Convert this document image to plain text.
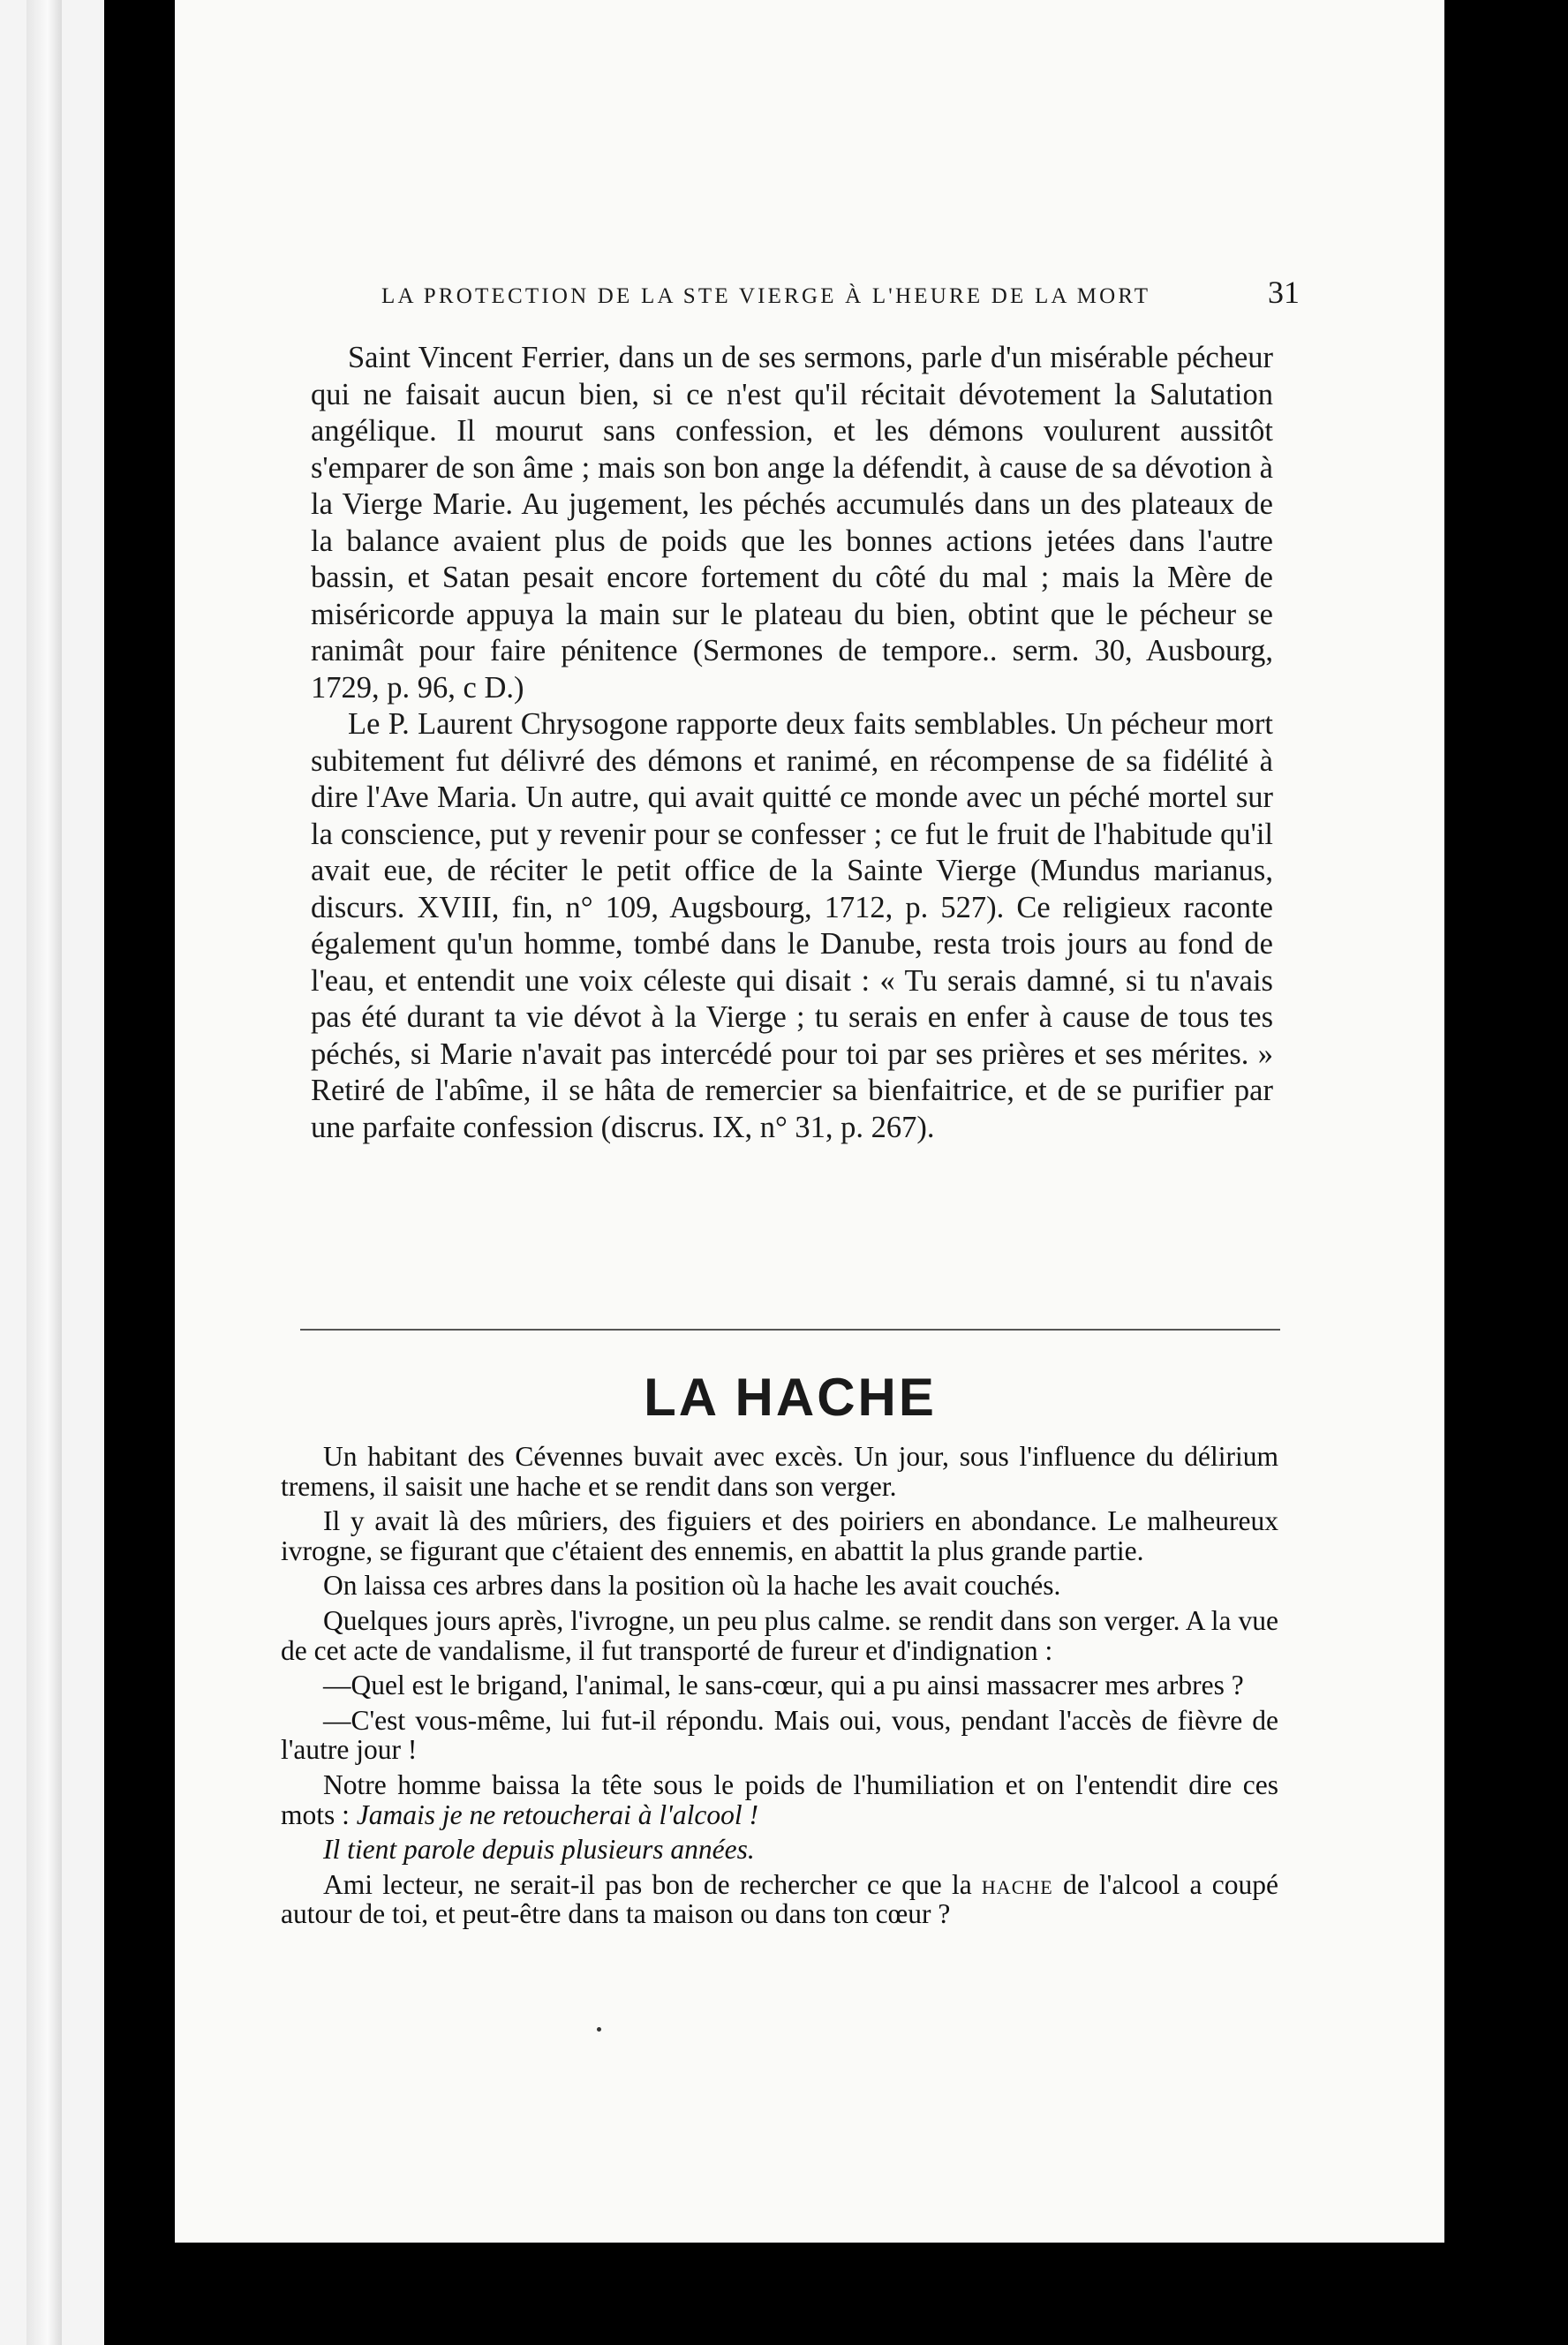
LA PROTECTION DE LA STE VIERGE À L'HEURE DE LA MORT	31

Saint Vincent Ferrier, dans un de ses sermons, parle d'un misérable pécheur qui ne faisait aucun bien, si ce n'est qu'il récitait dévotement la Salutation angélique. Il mourut sans confession, et les démons voulurent aussitôt s'emparer de son âme ; mais son bon ange la défendit, à cause de sa dévotion à la Vierge Marie. Au jugement, les péchés accumulés dans un des plateaux de la balance avaient plus de poids que les bonnes actions jetées dans l'autre bassin, et Satan pesait encore fortement du côté du mal ; mais la Mère de miséricorde appuya la main sur le plateau du bien, obtint que le pécheur se ranimât pour faire pénitence (Sermones de tempore.. serm. 30, Ausbourg, 1729, p. 96, c D.)

Le P. Laurent Chrysogone rapporte deux faits semblables. Un pécheur mort subitement fut délivré des démons et ranimé, en récompense de sa fidélité à dire l'Ave Maria. Un autre, qui avait quitté ce monde avec un péché mortel sur la conscience, put y revenir pour se confesser ; ce fut le fruit de l'habitude qu'il avait eue, de réciter le petit office de la Sainte Vierge (Mundus marianus, discurs. XVIII, fin, n° 109, Augsbourg, 1712, p. 527). Ce religieux raconte également qu'un homme, tombé dans le Danube, resta trois jours au fond de l'eau, et entendit une voix céleste qui disait : « Tu serais damné, si tu n'avais pas été durant ta vie dévot à la Vierge ; tu serais en enfer à cause de tous tes péchés, si Marie n'avait pas intercédé pour toi par ses prières et ses mérites. » Retiré de l'abîme, il se hâta de remercier sa bienfaitrice, et de se purifier par une parfaite confession (discrus. IX, n° 31, p. 267).

LA HACHE

Un habitant des Cévennes buvait avec excès. Un jour, sous l'influence du délirium tremens, il saisit une hache et se rendit dans son verger.

Il y avait là des mûriers, des figuiers et des poiriers en abondance. Le malheureux ivrogne, se figurant que c'étaient des ennemis, en abattit la plus grande partie.

On laissa ces arbres dans la position où la hache les avait couchés.

Quelques jours après, l'ivrogne, un peu plus calme. se rendit dans son verger. A la vue de cet acte de vandalisme, il fut transporté de fureur et d'indignation :

—Quel est le brigand, l'animal, le sans-cœur, qui a pu ainsi massacrer mes arbres ?

—C'est vous-même, lui fut-il répondu. Mais oui, vous, pendant l'accès de fièvre de l'autre jour !

Notre homme baissa la tête sous le poids de l'humiliation et on l'entendit dire ces mots : Jamais je ne retoucherai à l'alcool !

Il tient parole depuis plusieurs années.

Ami lecteur, ne serait-il pas bon de rechercher ce que la hache de l'alcool a coupé autour de toi, et peut-être dans ta maison ou dans ton cœur ?
